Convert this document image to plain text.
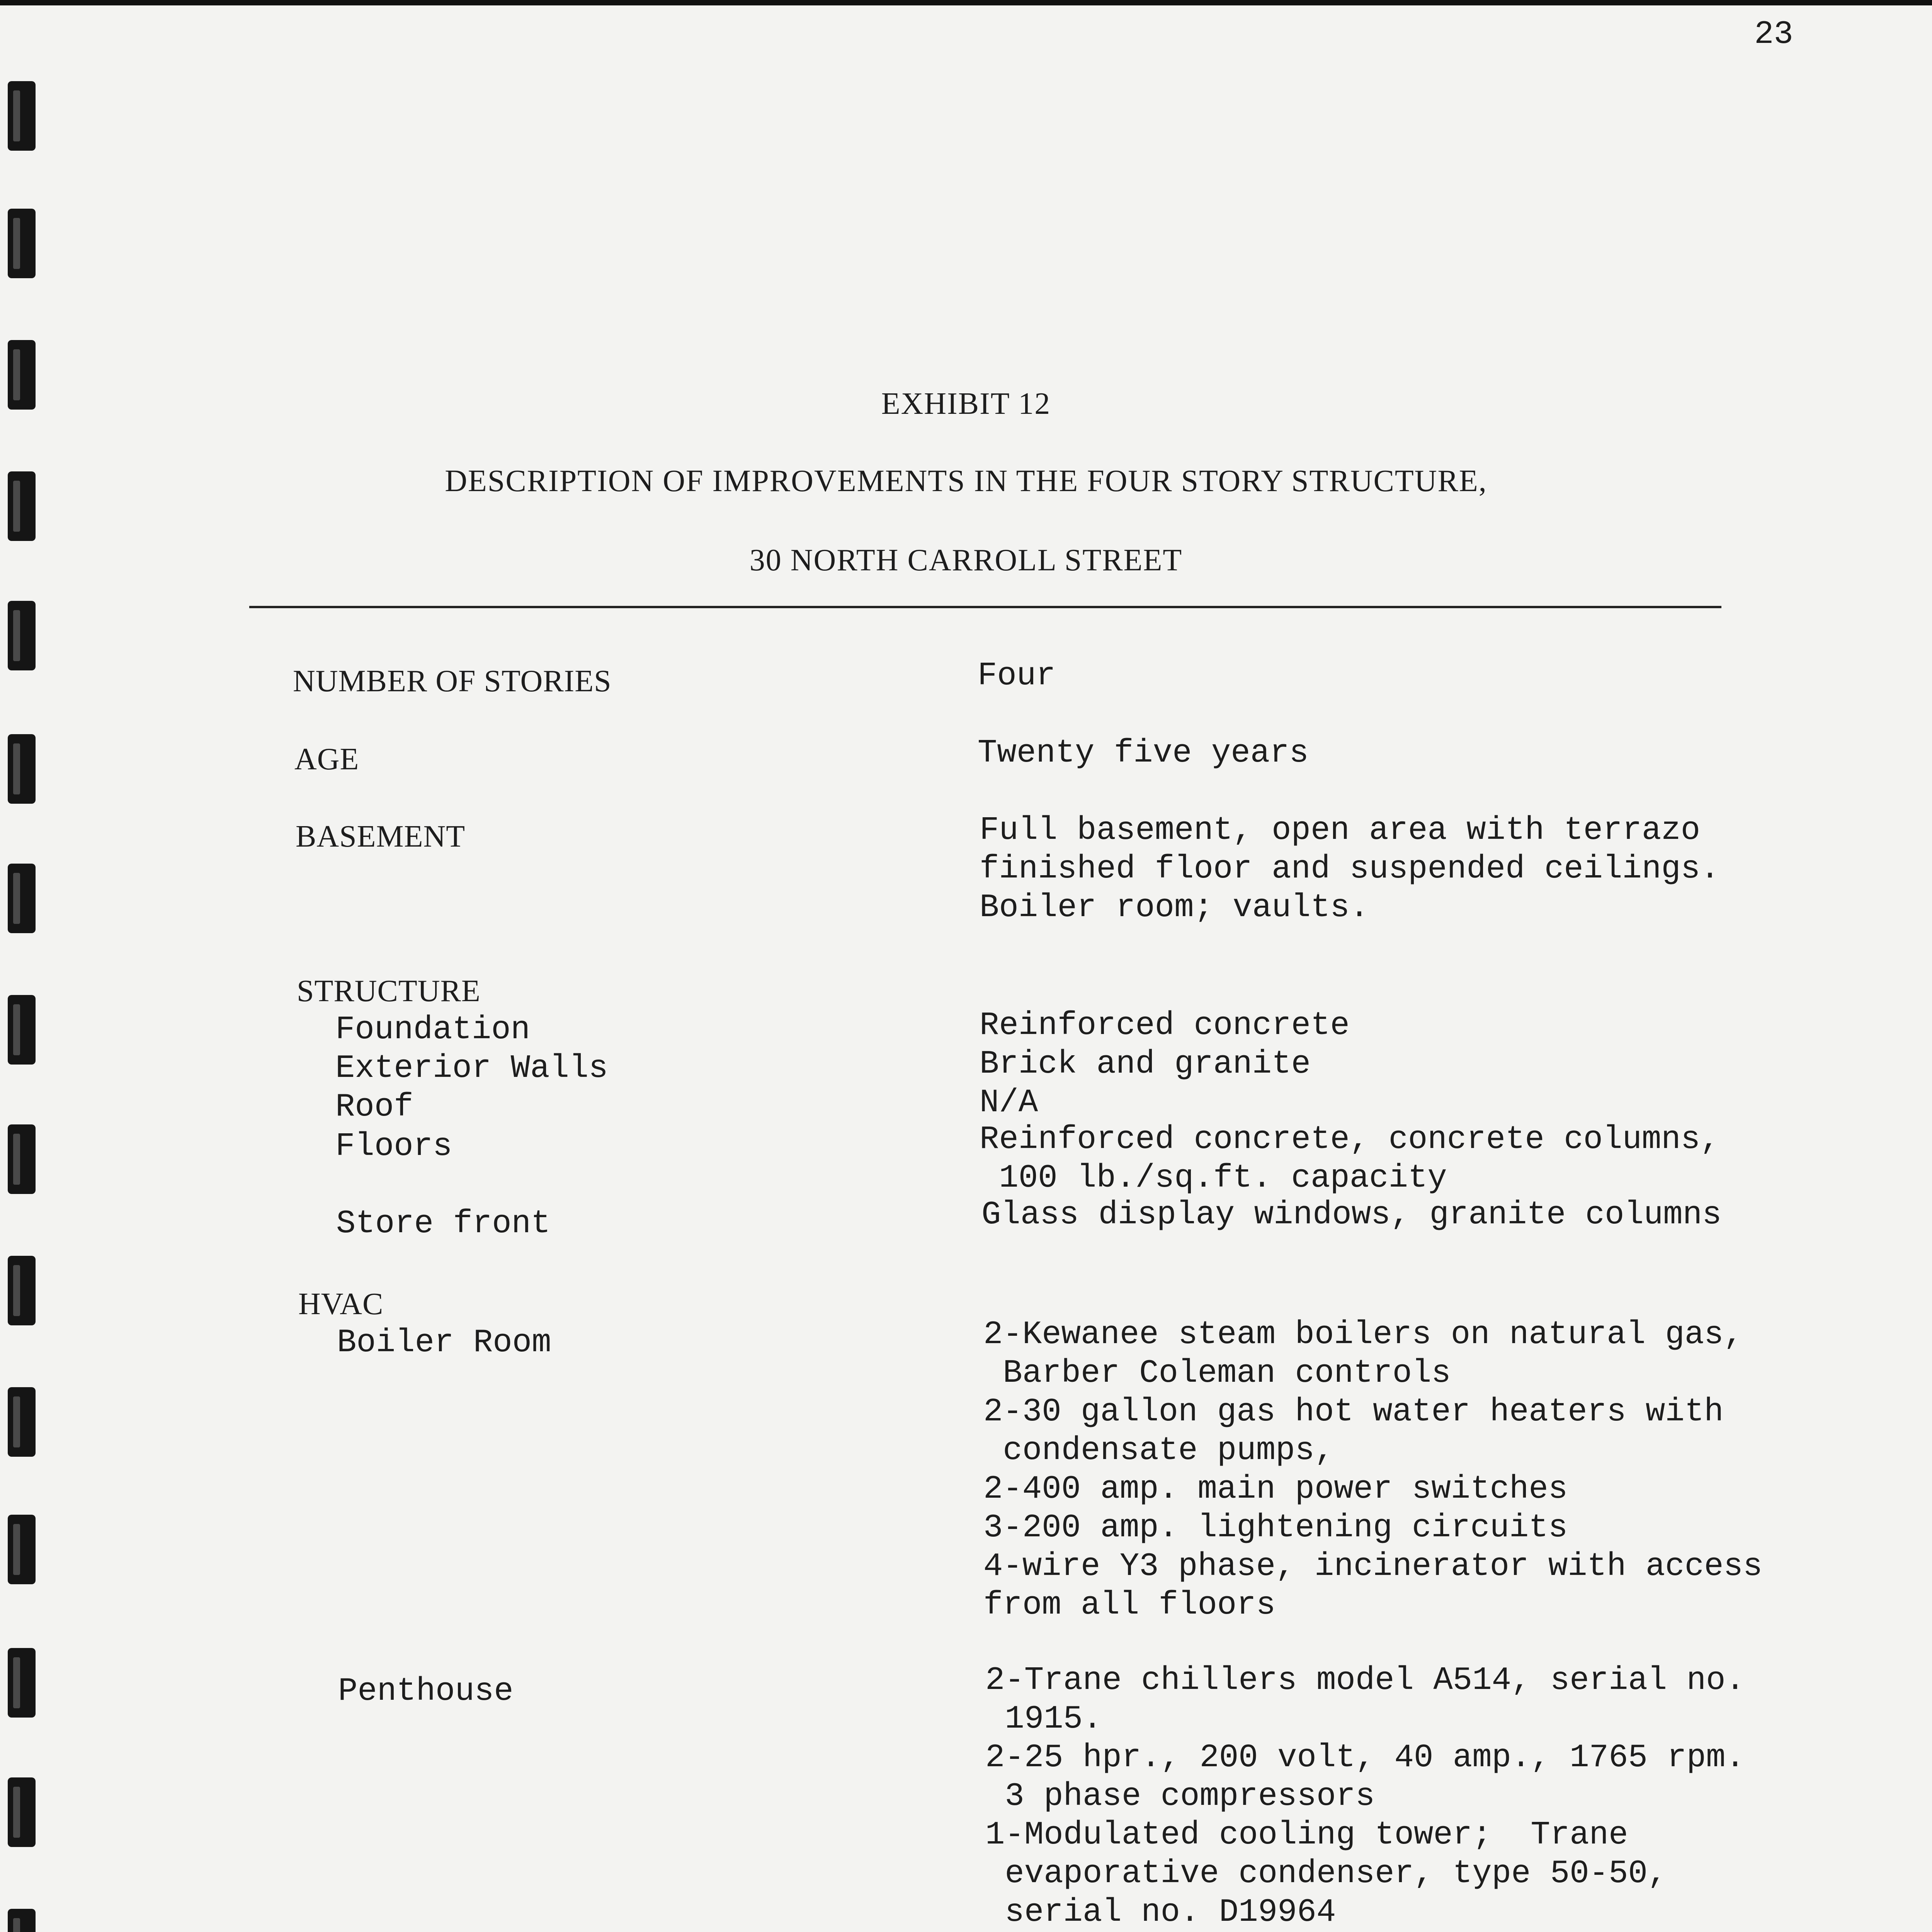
23
EXHIBIT 12
DESCRIPTION OF IMPROVEMENTS IN THE FOUR STORY STRUCTURE,
30 NORTH CARROLL STREET
NUMBER OF STORIES	Four
AGE	Twenty five years
BASEMENT	Full basement, open area with terrazo
finished floor and suspended ceilings.
Boiler room; vaults.
STRUCTURE
Foundation	Reinforced concrete
Exterior Walls	Brick and granite
Roof	N/A
Floors	Reinforced concrete, concrete columns,
100 lb./sq.ft. capacity
Store front	Glass display windows, granite columns
HVAC
Boiler Room	2-Kewanee steam boilers on natural gas,
Barber Coleman controls
2-30 gallon gas hot water heaters with
condensate pumps,
2-400 amp. main power switches
3-200 amp. lightening circuits
4-wire Y3 phase, incinerator with access
from all floors
Penthouse	2-Trane chillers model A514, serial no.
1915.
2-25 hpr., 200 volt, 40 amp., 1765 rpm.
3 phase compressors
1-Modulated cooling tower;  Trane
evaporative condenser, type 50-50,
serial no. D19964
